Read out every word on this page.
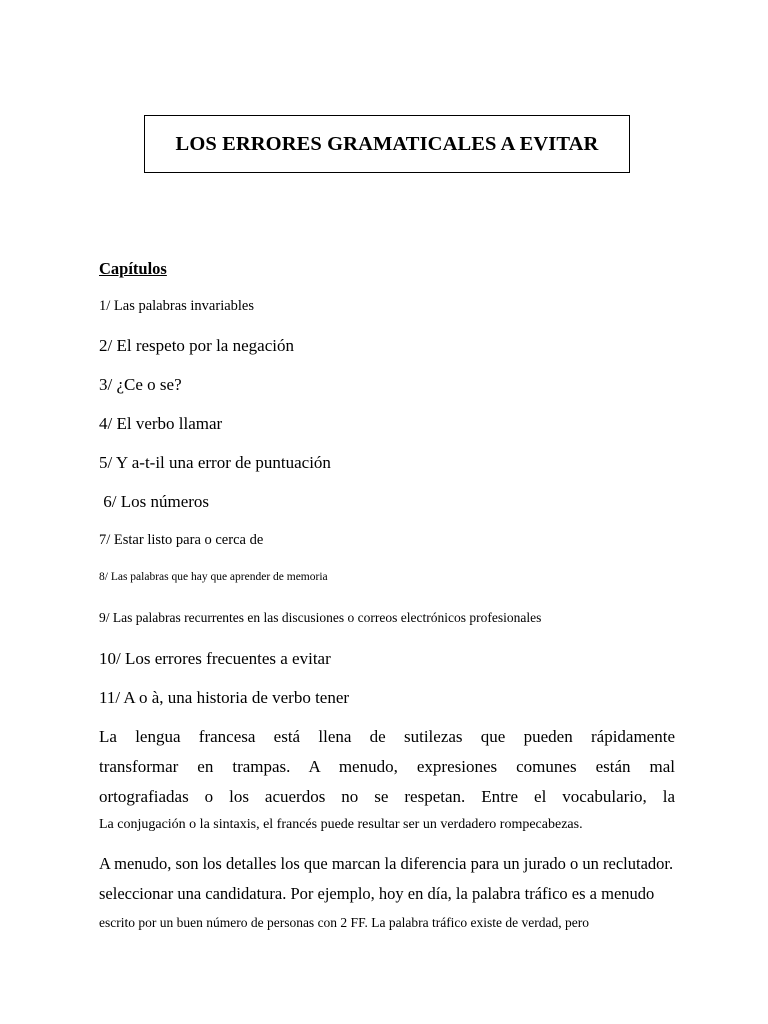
LOS ERRORES GRAMATICALES A EVITAR
Capítulos
1/ Las palabras invariables
2/ El respeto por la negación
3/ ¿Ce o se?
4/ El verbo llamar
5/ Y a-t-il una error de puntuación
6/ Los números
7/ Estar listo para o cerca de
8/ Las palabras que hay que aprender de memoria
9/ Las palabras recurrentes en las discusiones o correos electrónicos profesionales
10/ Los errores frecuentes a evitar
11/ A o à, una historia de verbo tener
La lengua francesa está llena de sutilezas que pueden rápidamente
transformar en trampas. A menudo, expresiones comunes están mal
ortografiadas o los acuerdos no se respetan. Entre el vocabulario, la
La conjugación o la sintaxis, el francés puede resultar ser un verdadero rompecabezas.
A menudo, son los detalles los que marcan la diferencia para un jurado o un reclutador.
seleccionar una candidatura. Por ejemplo, hoy en día, la palabra tráfico es a menudo
escrito por un buen número de personas con 2 FF. La palabra tráfico existe de verdad, pero
